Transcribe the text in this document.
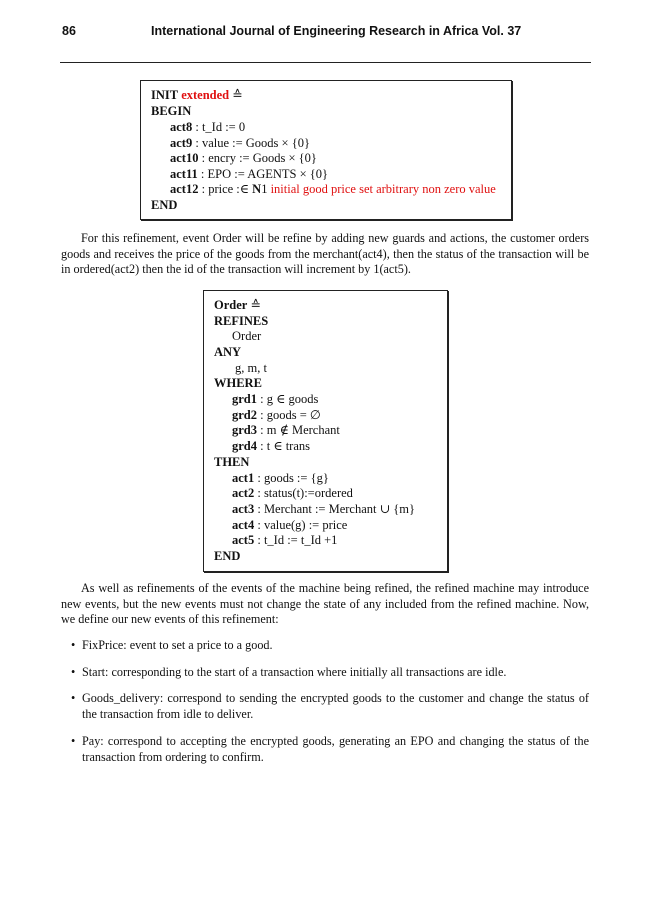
86	International Journal of Engineering Research in Africa Vol. 37
INIT extended ≙
BEGIN
act8 : t_Id := 0
act9 : value := Goods × {0}
act10 : encry := Goods × {0}
act11 : EPO := AGENTS × {0}
act12 : price :∈ N1 initial good price set arbitrary non zero value
END

For this refinement, event Order will be refine by adding new guards and actions, the customer orders goods and receives the price of the goods from the merchant(act4), then the status of the transaction will be in ordered(act2) then the id of the transaction will increment by 1(act5).

Order ≙
REFINES
Order
ANY
g, m, t
WHERE
grd1 : g ∈ goods
grd2 : goods = ∅
grd3 : m ∉ Merchant
grd4 : t ∈ trans
THEN
act1 : goods := {g}
act2 : status(t):=ordered
act3 : Merchant := Merchant ∪ {m}
act4 : value(g) := price
act5 : t_Id := t_Id +1
END

As well as refinements of the events of the machine being refined, the refined machine may introduce new events, but the new events must not change the state of any included from the refined machine. Now, we define our new events of this refinement:

• FixPrice: event to set a price to a good.
• Start: corresponding to the start of a transaction where initially all transactions are idle.
• Goods_delivery: correspond to sending the encrypted goods to the customer and change the status of the transaction from idle to deliver.
• Pay: correspond to accepting the encrypted goods, generating an EPO and changing the status of the transaction from ordering to confirm.
